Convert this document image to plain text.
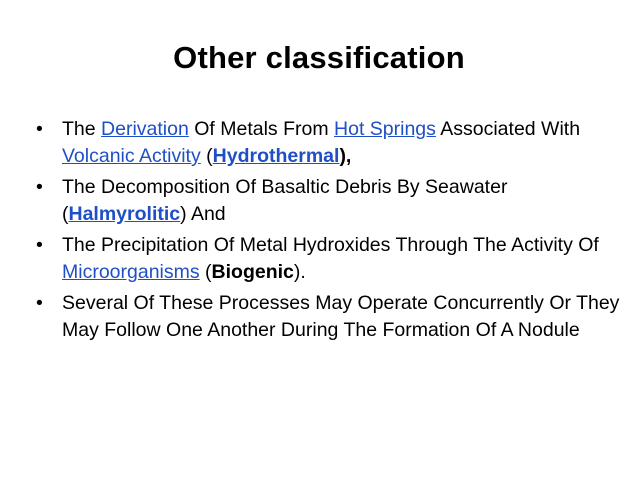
Other classification
• The Derivation Of Metals From Hot Springs Associated With Volcanic Activity (Hydrothermal),
• The Decomposition Of Basaltic Debris By Seawater (Halmyrolitic) And
• The Precipitation Of Metal Hydroxides Through The Activity Of Microorganisms (Biogenic).
• Several Of These Processes May Operate Concurrently Or They May Follow One Another During The Formation Of A Nodule
